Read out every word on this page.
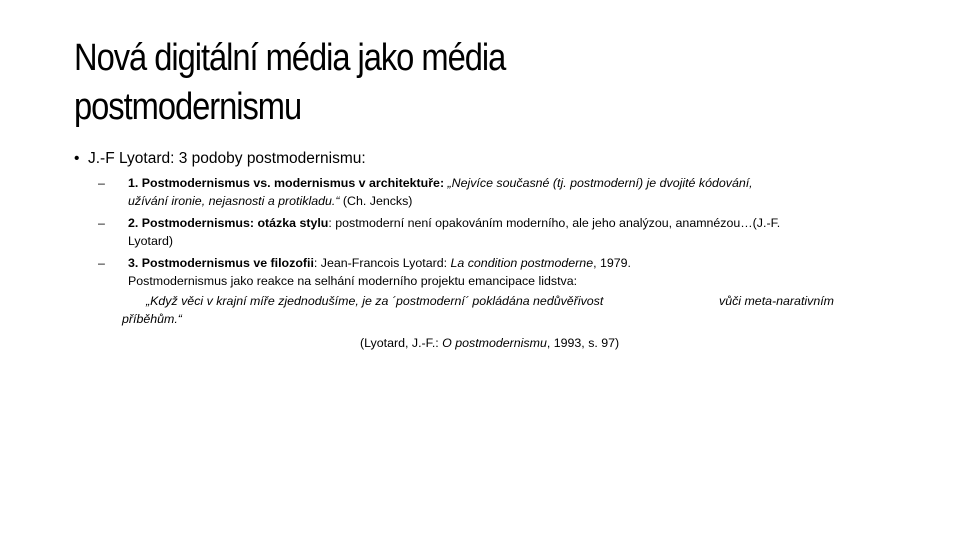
Nová digitální média jako média
postmodernismu
• J.-F Lyotard: 3 podoby postmodernismu:
– 1. Postmodernismus vs. modernismus v architektuře: „Nejvíce současné (tj. postmoderní) je dvojité kódování,
užívání ironie, nejasnosti a protikladu.“ (Ch. Jencks)
– 2. Postmodernismus: otázka stylu: postmoderní není opakováním moderního, ale jeho analýzou, anamnézou…(J.-F.
Lyotard)
– 3. Postmodernismus ve filozofii: Jean-Francois Lyotard: La condition postmoderne, 1979.
Postmodernismus jako reakce na selhání moderního projektu emancipace lidstva:
„Když věci v krajní míře zjednodušíme, je za ´postmoderní´ pokládána nedůvěřivost	vůči meta-narativním
příběhům.“
(Lyotard, J.-F.: O postmodernismu, 1993, s. 97)
